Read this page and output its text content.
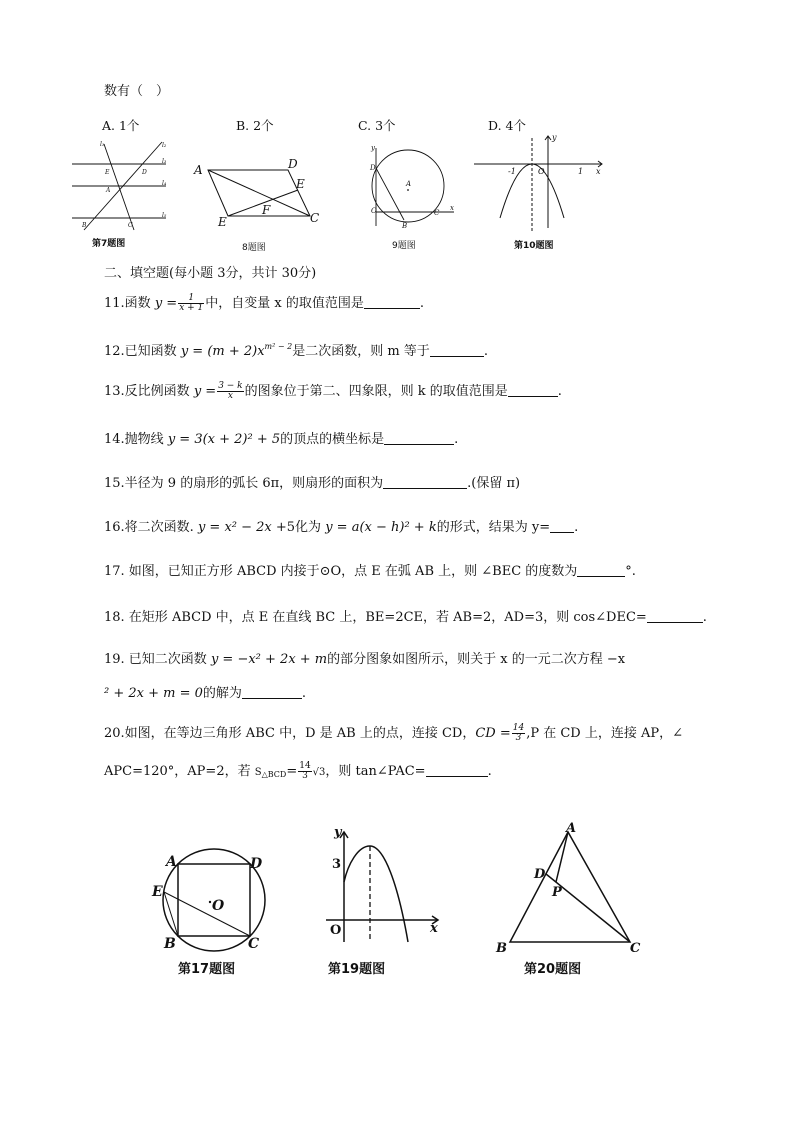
数有（　）
A. 1个	B. 2个	C. 3个	D. 4个
l₁	l₂
l₃
l₄
l₅
E	D
A
B	C
第7题图
A	D
E
F
E	C
8题图
y
D
A
O	C
x
B
9题图
y
-1	O	1 x
第10题图
二、填空题(每小题 3分，共计 30分)
11.函数 $y = \frac{1}{x + 1}$ 中，自变量 x 的取值范围是	.
12.已知函数 $y = (m + 2)x^{m^2 - 2}$是二次函数，则 m 等于	.
13.反比例函数 $y = \frac{3 - k}{x}$ 的图象位于第二、四象限，则 k 的取值范围是	.
14.抛物线 y = 3(x + 2)² + 5的顶点的横坐标是	.
15.半径为 9 的扇形的弧长 6π，则扇形的面积为	.(保留 π)
16.将二次函数. y = x² − 2x +5化为 y = a(x − h)² + k的形式，结果为 y= .
17. 如图，已知正方形 ABCD 内接于⊙O，点 E 在弧 AB 上，则 ∠BEC 的度数为	°.
18. 在矩形 ABCD 中，点 E 在直线 BC 上，BE=2CE，若 AB=2，AD=3，则 cos∠DEC=	.
19. 已知二次函数 y = −x² + 2x + m的部分图象如图所示，则关于 x 的一元二次方程 −x
² + 2x + m = 0的解为	.
20.如图，在等边三角形 ABC 中，D 是 AB 上的点，连接 CD，CD = $\frac{14}{3} ,P$ 在 CD 上，连接 AP，∠
APC=120°，AP=2，若 $S_{\triangle BCD}= \frac{14}{3} √3$，则 tan∠PAC=	.
A	D
E
O
B	C
第17题图
y
3
O	x
第19题图
A
D
P
B	C
第20题图
